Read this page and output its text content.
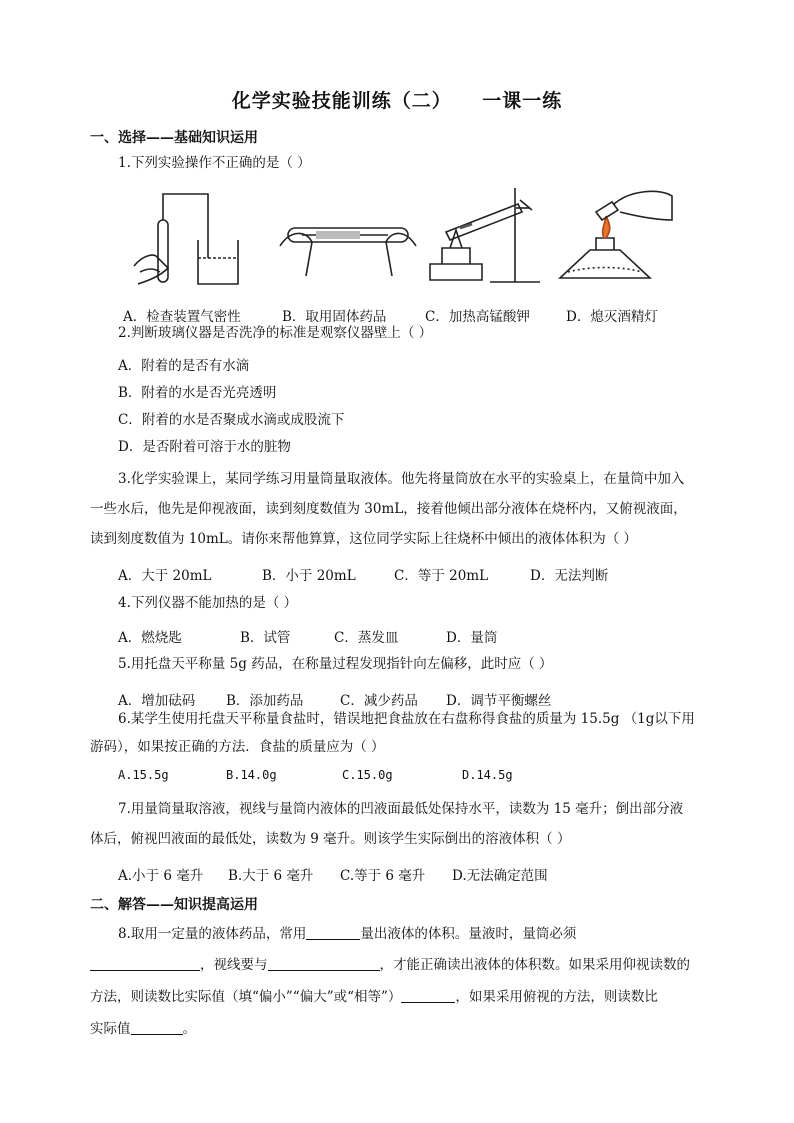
化学实验技能训练（二）    一课一练
一、选择——基础知识运用
1.下列实验操作不正确的是（ ）
A．检查装置气密性	B．取用固体药品	C．加热高锰酸钾	D．熄灭酒精灯
2.判断玻璃仪器是否洗净的标准是观察仪器壁上（ ）
A．附着的是否有水滴
B．附着的水是否光亮透明
C．附着的水是否聚成水滴或成股流下
D．是否附着可溶于水的脏物
3.化学实验课上，某同学练习用量筒量取液体。他先将量筒放在水平的实验桌上，在量筒中加入
一些水后，他先是仰视液面，读到刻度数值为 30mL，接着他倾出部分液体在烧杯内，又俯视液面，
读到刻度数值为 10mL。请你来帮他算算，这位同学实际上往烧杯中倾出的液体体积为（ ）
A．大于 20mL	B．小于 20mL	C．等于 20mL	D．无法判断
4.下列仪器不能加热的是（ ）
A．燃烧匙	B．试管	C．蒸发皿	D．量筒
5.用托盘天平称量 5g 药品，在称量过程发现指针向左偏移，此时应（ ）
A．增加砝码 B．添加药品	C．减少药品 D．调节平衡螺丝
6.某学生使用托盘天平称量食盐时，错误地把食盐放在右盘称得食盐的质量为 15.5g （1g以下用
游码），如果按正确的方法．食盐的质量应为（ ）
A.15.5g	B.14.0g	C.15.0g	D.14.5g
7.用量筒量取溶液，视线与量筒内液体的凹液面最低处保持水平，读数为 15 毫升；倒出部分液
体后，俯视凹液面的最低处，读数为 9 毫升。则该学生实际倒出的溶液体积（ ）
A.小于 6 毫升 B.大于 6 毫升 C.等于 6 毫升 D.无法确定范围
二、解答——知识提高运用
8.取用一定量的液体药品，常用	量出液体的体积。量液时，量筒必须
，视线要与	，才能正确读出液体的体积数。如果采用仰视读数的
方法，则读数比实际值（填“偏小”“偏大”或“相等”）	，如果采用俯视的方法，则读数比
实际值	。
